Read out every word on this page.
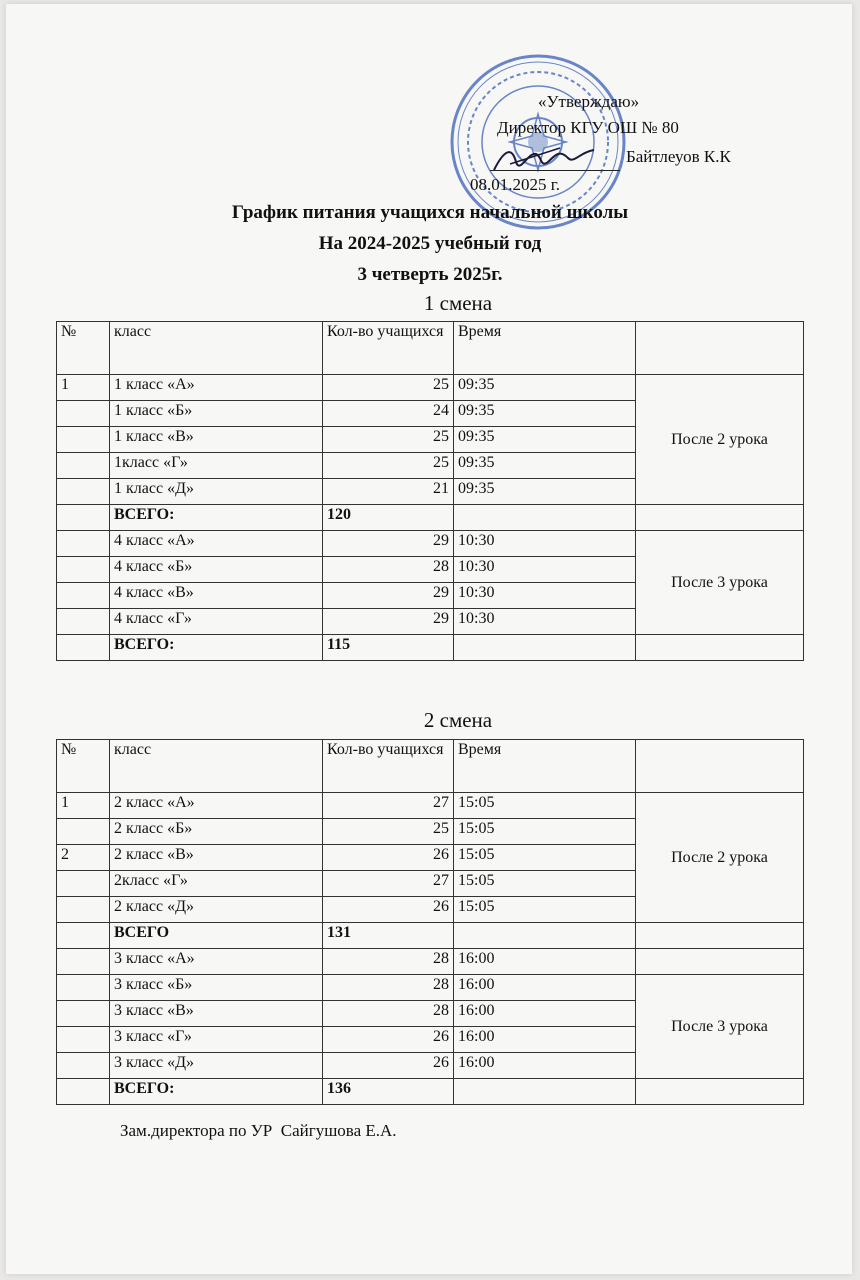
«Утверждаю»
Директор КГУ ОШ № 80
Байтлеуов К.К
08.01.2025 г.
График питания учащихся начальной школы
На 2024-2025 учебный год
3 четверть 2025г.
1 смена
№	класс	Кол-во учащихся	Время	
1	1 класс «А»	25	09:35	После 2 урока
	1 класс «Б»	24	09:35	
	1 класс «В»	25	09:35	
	1класс «Г»	25	09:35	
	1 класс «Д»	21	09:35	
	ВСЕГО:	120		
	4 класс «А»	29	10:30	После 3 урока
	4 класс «Б»	28	10:30	
	4 класс «В»	29	10:30	
	4 класс «Г»	29	10:30	
	ВСЕГО:	115		
2 смена
№	класс	Кол-во учащихся	Время	
1	2 класс «А»	27	15:05	После 2 урока
	2 класс «Б»	25	15:05	
2	2 класс «В»	26	15:05	
	2класс «Г»	27	15:05	
	2 класс «Д»	26	15:05	
	ВСЕГО	131		
	3 класс «А»	28	16:00	
	3 класс «Б»	28	16:00	После 3 урока
	3 класс «В»	28	16:00	
	3 класс «Г»	26	16:00	
	3 класс «Д»	26	16:00	
	ВСЕГО:	136		
Зам.директора по УР  Сайгушова Е.А.
